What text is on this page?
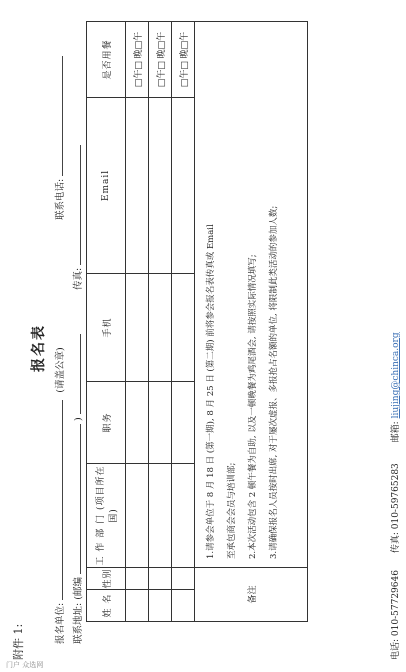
附件 1:
报名表
报名单位:  (请盖公章)
联系电话:
联系地址: (邮编  )
传真:
姓 名	性别	工 作 部 门 (项目所在国)	职务	手机	Email	是否用餐
						□午□ 晚□午
						□午□ 晚□午
						□午□ 晚□午
备注		1.请参会单位于 8 月 18 日 (第一期), 8 月 25 日 (第二期) 前将参会报名表传真或 Email 至承包商会会员与培训部; 2.本次活动包含 2 顿午餐为自助, 以及一顿晚餐为鸡尾酒会, 请按照实际情况填写; 3.请确保报名人员按时出席, 对于屡次虚报、多报抢占名额的单位, 将限制此类活动的参加人数;				
电话: 010-57729646 传真: 010-59765283 邮箱: liujing@chinca.org
门户 众选网
